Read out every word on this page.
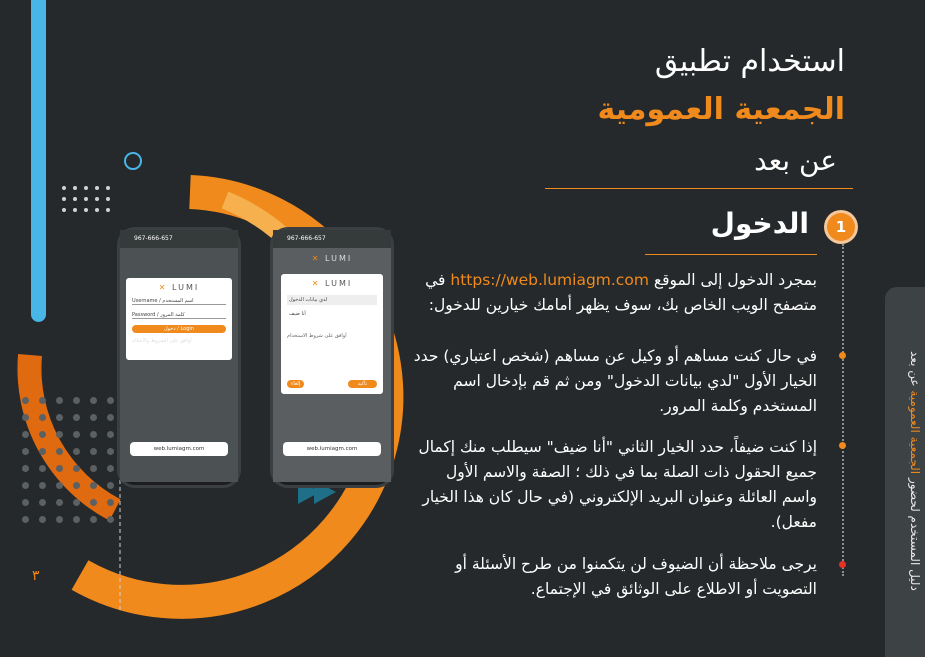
967-666-657
✕ LUMI
Username / اسم المستخدم
Password / كلمة المرور
دخول / Login
أوافق على الشروط والأحكام
web.lumiagm.com
967-666-657
✕ LUMI
✕ LUMI
لدي بيانات الدخول
أنا ضيف
أوافق على شروط الاستخدام
إلغاء	تأكيد
web.lumiagm.com
استخدام تطبيق
الجمعية العمومية
عن بعد
1
الدخول
بمجرد الدخول إلى الموقع https://web.lumiagm.com في متصفح الويب الخاص بك، سوف يظهر أمامك خيارين للدخول:
في حال كنت مساهم أو وكيل عن مساهم (شخص اعتباري) حدد الخيار الأول "لدي بيانات الدخول" ومن ثم قم بإدخال اسم المستخدم وكلمة المرور.
إذا كنت ضيفاً، حدد الخيار الثاني "أنا ضيف" سيطلب منك إكمال جميع الحقول ذات الصلة بما في ذلك ؛ الصفة والاسم الأول واسم العائلة وعنوان البريد الإلكتروني (في حال كان هذا الخيار مفعل).
يرجى ملاحظة أن الضيوف لن يتكمنوا من طرح الأسئلة أو التصويت أو الاطلاع على الوثائق في الإجتماع.	دليل المستخدم لحضور الجمعية العمومية عن بعد
٣
